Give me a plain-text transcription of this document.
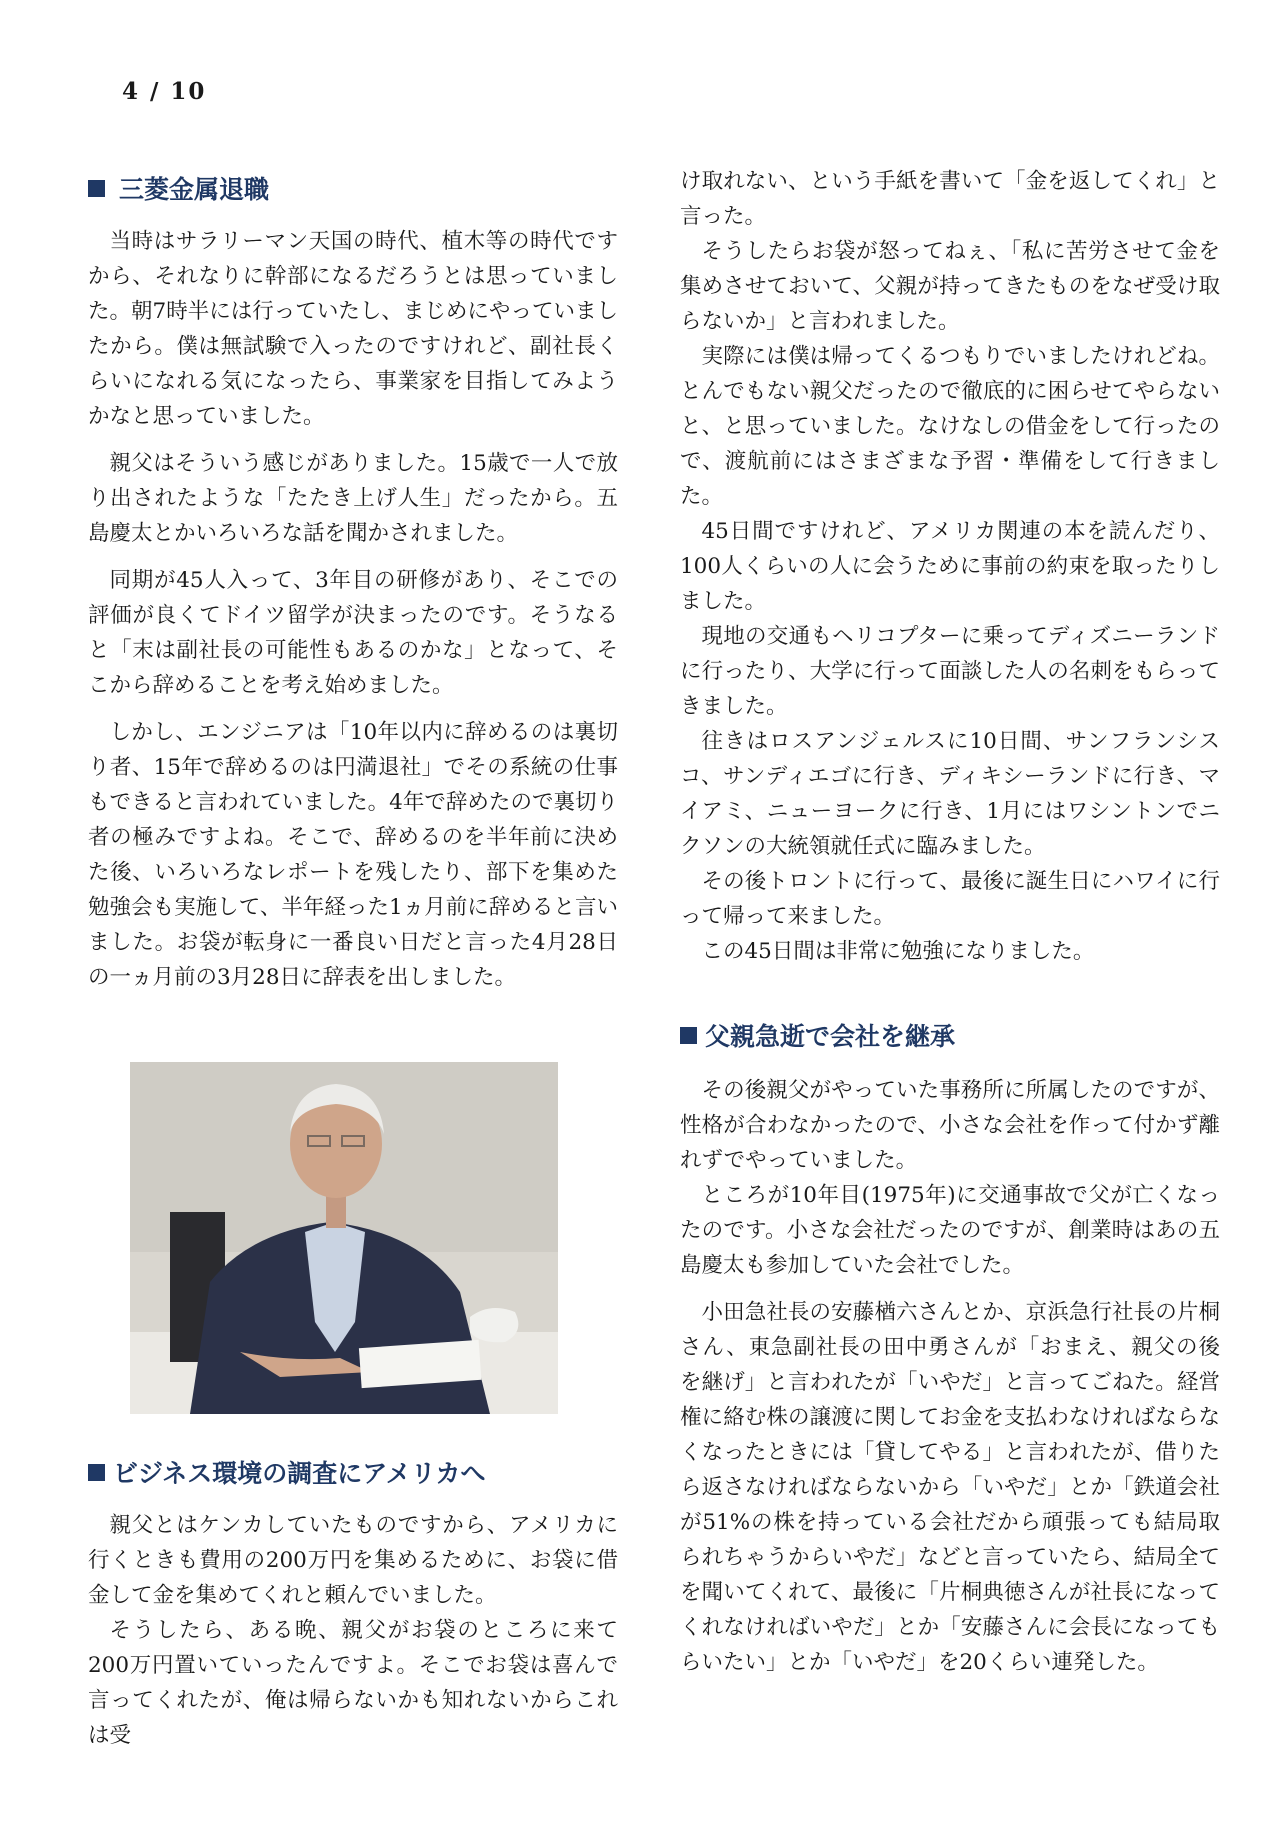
4 / 10
三菱金属退職

当時はサラリーマン天国の時代、植木等の時代ですから、それなりに幹部になるだろうとは思っていました。朝7時半には行っていたし、まじめにやっていましたから。僕は無試験で入ったのですけれど、副社長くらいになれる気になったら、事業家を目指してみようかなと思っていました。

親父はそういう感じがありました。15歳で一人で放り出されたような「たたき上げ人生」だったから。五島慶太とかいろいろな話を聞かされました。

同期が45人入って、3年目の研修があり、そこでの評価が良くてドイツ留学が決まったのです。そうなると「末は副社長の可能性もあるのかな」となって、そこから辞めることを考え始めました。

しかし、エンジニアは「10年以内に辞めるのは裏切り者、15年で辞めるのは円満退社」でその系統の仕事もできると言われていました。4年で辞めたので裏切り者の極みですよね。そこで、辞めるのを半年前に決めた後、いろいろなレポートを残したり、部下を集めた勉強会も実施して、半年経った1ヵ月前に辞めると言いました。お袋が転身に一番良い日だと言った4月28日の一ヵ月前の3月28日に辞表を出しました。

ビジネス環境の調査にアメリカへ

親父とはケンカしていたものですから、アメリカに行くときも費用の200万円を集めるために、お袋に借金して金を集めてくれと頼んでいました。

そうしたら、ある晩、親父がお袋のところに来て200万円置いていったんですよ。そこでお袋は喜んで言ってくれたが、俺は帰らないかも知れないからこれは受

け取れない、という手紙を書いて「金を返してくれ」と言った。

そうしたらお袋が怒ってねぇ、「私に苦労させて金を集めさせておいて、父親が持ってきたものをなぜ受け取らないか」と言われました。

実際には僕は帰ってくるつもりでいましたけれどね。とんでもない親父だったので徹底的に困らせてやらないと、と思っていました。なけなしの借金をして行ったので、渡航前にはさまざまな予習・準備をして行きました。

45日間ですけれど、アメリカ関連の本を読んだり、100人くらいの人に会うために事前の約束を取ったりしました。

現地の交通もヘリコプターに乗ってディズニーランドに行ったり、大学に行って面談した人の名刺をもらってきました。

往きはロスアンジェルスに10日間、サンフランシスコ、サンディエゴに行き、ディキシーランドに行き、マイアミ、ニューヨークに行き、1月にはワシントンでニクソンの大統領就任式に臨みました。

その後トロントに行って、最後に誕生日にハワイに行って帰って来ました。

この45日間は非常に勉強になりました。

父親急逝で会社を継承

その後親父がやっていた事務所に所属したのですが、性格が合わなかったので、小さな会社を作って付かず離れずでやっていました。

ところが10年目(1975年)に交通事故で父が亡くなったのです。小さな会社だったのですが、創業時はあの五島慶太も参加していた会社でした。

小田急社長の安藤楢六さんとか、京浜急行社長の片桐さん、東急副社長の田中勇さんが「おまえ、親父の後を継げ」と言われたが「いやだ」と言ってごねた。経営権に絡む株の譲渡に関してお金を支払わなければならなくなったときには「貸してやる」と言われたが、借りたら返さなければならないから「いやだ」とか「鉄道会社が51%の株を持っている会社だから頑張っても結局取られちゃうからいやだ」などと言っていたら、結局全てを聞いてくれて、最後に「片桐典徳さんが社長になってくれなければいやだ」とか「安藤さんに会長になってもらいたい」とか「いやだ」を20くらい連発した。
